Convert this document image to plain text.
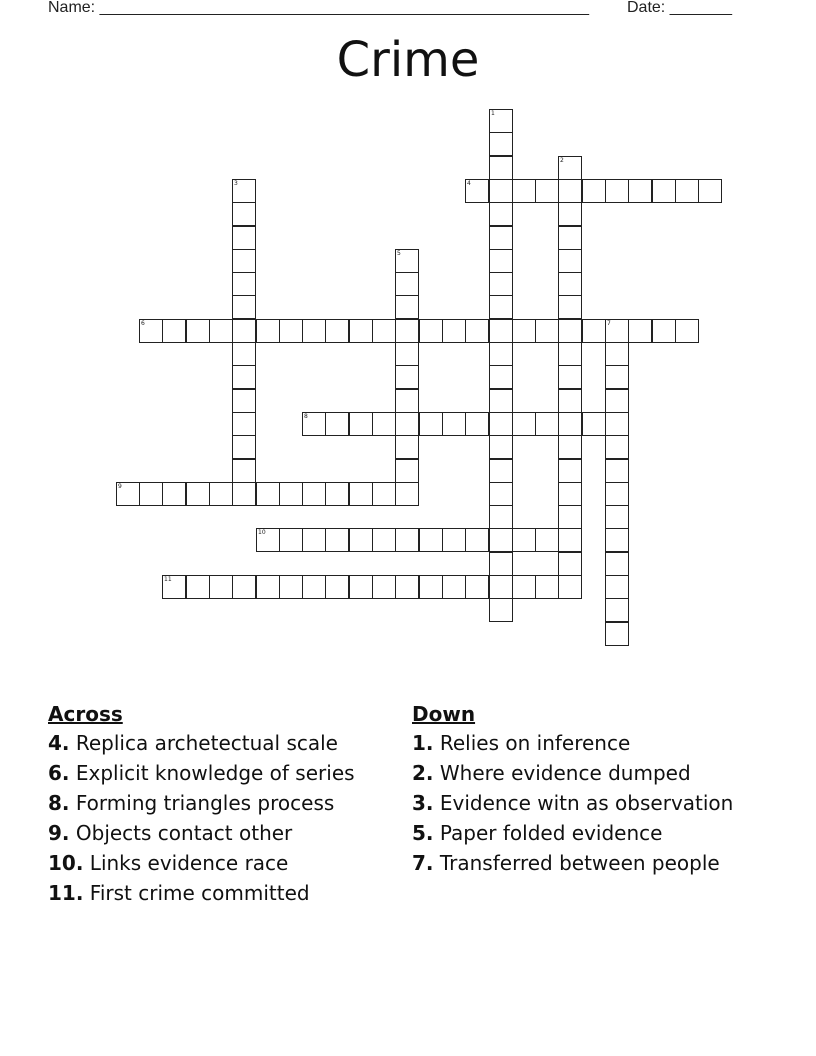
Name: _______________________________________________________ Date: _______
Crime
4
6	7
8
9
10
11
1
2
3
5
Across
4. Replica archetectual scale
6. Explicit knowledge of series
8. Forming triangles process
9. Objects contact other
10. Links evidence race
11. First crime committed
Down
1. Relies on inference
2. Where evidence dumped
3. Evidence witn as observation
5. Paper folded evidence
7. Transferred between people
